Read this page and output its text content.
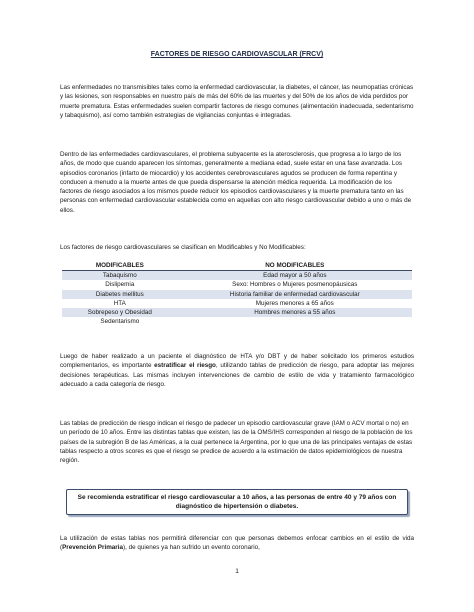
FACTORES DE RIESGO CARDIOVASCULAR (FRCV)

Las enfermedades no transmisibles tales como la enfermedad cardiovascular, la diabetes, el cáncer, las neumopatías crónicas y las lesiones, son responsables en nuestro país de más del 60% de las muertes y del 50% de los años de vida perdidos por muerte prematura. Estas enfermedades suelen compartir factores de riesgo comunes (alimentación inadecuada, sedentarismo y tabaquismo), así como también estrategias de vigilancias conjuntas e integradas.

Dentro de las enfermedades cardiovasculares, el problema subyacente es la aterosclerosis, que progresa a lo largo de los años, de modo que cuando aparecen los síntomas, generalmente a mediana edad, suele estar en una fase avanzada. Los episodios coronarios (infarto de miocardio) y los accidentes cerebrovasculares agudos se producen de forma repentina y conducen a menudo a la muerte antes de que pueda dispensarse la atención médica requerida. La modificación de los factores de riesgo asociados a los mismos puede reducir los episodios cardiovasculares y la muerte prematura tanto en las personas con enfermedad cardiovascular establecida como en aquellas con alto riesgo cardiovascular debido a uno o más de ellos.

Los factores de riesgo cardiovasculares se clasifican en Modificables y No Modificables:

MODIFICABLES	NO MODIFICABLES
Tabaquismo	Edad mayor a 50 años
Dislipemia	Sexo: Hombres o Mujeres posmenopáusicas
Diabetes mellitus	Historia familiar de enfermedad cardiovascular
HTA	Mujeres menores a 65 años
Sobrepeso y Obesidad	Hombres menores a 55 años
Sedentarismo	

Luego de haber realizado a un paciente el diagnóstico de HTA y/o DBT y de haber solicitado los primeros estudios complementarios, es importante estratificar el riesgo, utilizando tablas de predicción de riesgo, para adoptar las mejores decisiones terapéuticas. Las mismas incluyen intervenciones de cambio de estilo de vida y tratamiento farmacológico adecuado a cada categoría de riesgo.

Las tablas de predicción de riesgo indican el riesgo de padecer un episodio cardiovascular grave (IAM o ACV mortal o no) en un período de 10 años. Entre las distintas tablas que existen, las de la OMS/IHS corresponden al riesgo de la población de los países de la subregión B de las Américas, a la cual pertenece la Argentina, por lo que una de las principales ventajas de estas tablas respecto a otros scores es que el riesgo se predice de acuerdo a la estimación de datos epidemiológicos de nuestra región.

Se recomienda estratificar el riesgo cardiovascular a 10 años, a las personas de entre 40 y 79 años con diagnóstico de hipertensión o diabetes.

La utilización de estas tablas nos permitirá diferenciar con que personas debemos enfocar cambios en el estilo de vida (Prevención Primaria), de quienes ya han sufrido un evento coronario,

1
